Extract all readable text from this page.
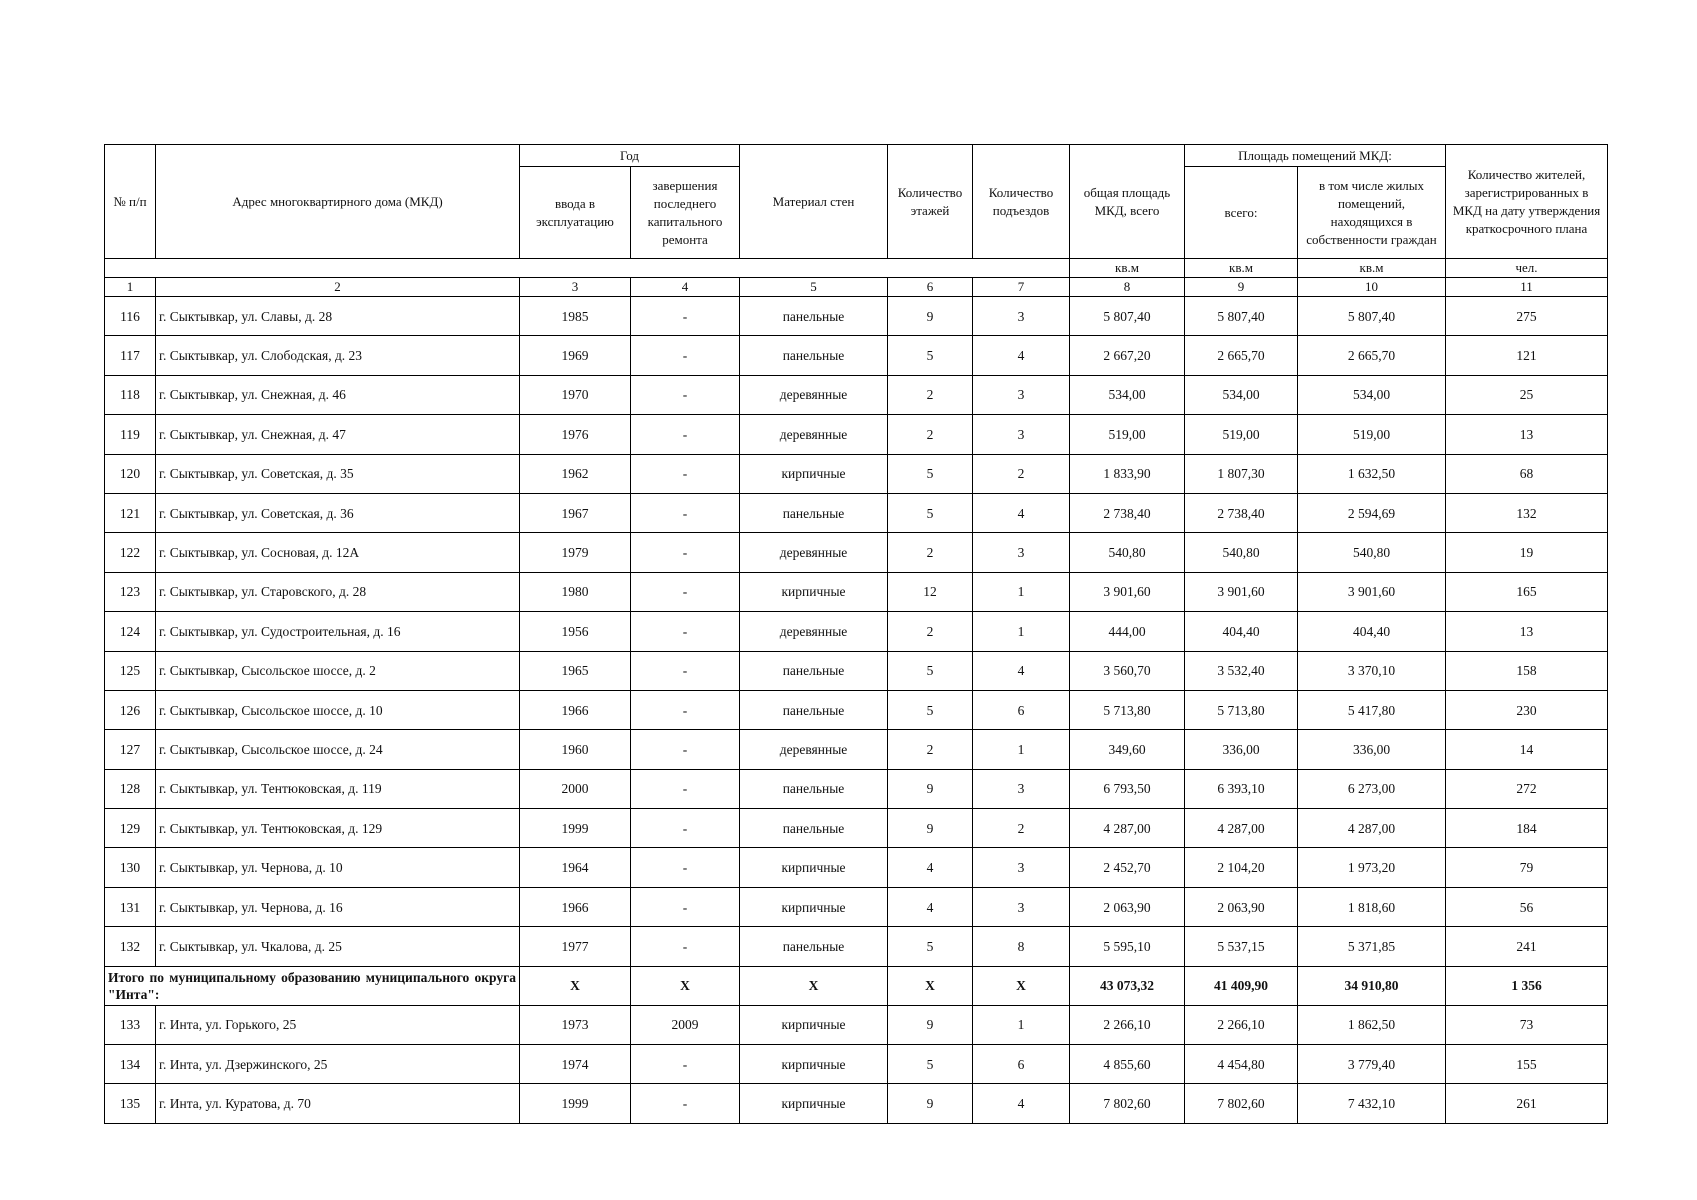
№ п/п	Адрес многоквартирного дома (МКД)	Год		Материал стен	Количество этажей	Количество подъездов	общая площадь МКД, всего	Площадь помещений МКД:		Количество жителей, зарегистрированных в МКД на дату утверждения краткосрочного плана
		ввода в эксплуатацию	завершения последнего капитального ремонта					всего:	в том числе жилых помещений, находящихся в собственности граждан	
							кв.м	кв.м	кв.м	чел.
1	2	3	4	5	6	7	8	9	10	11
116	г. Сыктывкар, ул. Славы, д. 28	1985	-	панельные	9	3	5 807,40	5 807,40	5 807,40	275
117	г. Сыктывкар, ул. Слободская, д. 23	1969	-	панельные	5	4	2 667,20	2 665,70	2 665,70	121
118	г. Сыктывкар, ул. Снежная, д. 46	1970	-	деревянные	2	3	534,00	534,00	534,00	25
119	г. Сыктывкар, ул. Снежная, д. 47	1976	-	деревянные	2	3	519,00	519,00	519,00	13
120	г. Сыктывкар, ул. Советская, д. 35	1962	-	кирпичные	5	2	1 833,90	1 807,30	1 632,50	68
121	г. Сыктывкар, ул. Советская, д. 36	1967	-	панельные	5	4	2 738,40	2 738,40	2 594,69	132
122	г. Сыктывкар, ул. Сосновая, д. 12А	1979	-	деревянные	2	3	540,80	540,80	540,80	19
123	г. Сыктывкар, ул. Старовского, д. 28	1980	-	кирпичные	12	1	3 901,60	3 901,60	3 901,60	165
124	г. Сыктывкар, ул. Судостроительная, д. 16	1956	-	деревянные	2	1	444,00	404,40	404,40	13
125	г. Сыктывкар, Сысольское шоссе, д. 2	1965	-	панельные	5	4	3 560,70	3 532,40	3 370,10	158
126	г. Сыктывкар, Сысольское шоссе, д. 10	1966	-	панельные	5	6	5 713,80	5 713,80	5 417,80	230
127	г. Сыктывкар, Сысольское шоссе, д. 24	1960	-	деревянные	2	1	349,60	336,00	336,00	14
128	г. Сыктывкар, ул. Тентюковская, д. 119	2000	-	панельные	9	3	6 793,50	6 393,10	6 273,00	272
129	г. Сыктывкар, ул. Тентюковская, д. 129	1999	-	панельные	9	2	4 287,00	4 287,00	4 287,00	184
130	г. Сыктывкар, ул. Чернова, д. 10	1964	-	кирпичные	4	3	2 452,70	2 104,20	1 973,20	79
131	г. Сыктывкар, ул. Чернова, д. 16	1966	-	кирпичные	4	3	2 063,90	2 063,90	1 818,60	56
132	г. Сыктывкар, ул. Чкалова, д. 25	1977	-	панельные	5	8	5 595,10	5 537,15	5 371,85	241
Итого по муниципальному образованию муниципального округа "Инта":		X	X	X	X	X	43 073,32	41 409,90	34 910,80	1 356
133	г. Инта, ул. Горького, 25	1973	2009	кирпичные	9	1	2 266,10	2 266,10	1 862,50	73
134	г. Инта, ул. Дзержинского, 25	1974	-	кирпичные	5	6	4 855,60	4 454,80	3 779,40	155
135	г. Инта, ул. Куратова, д. 70	1999	-	кирпичные	9	4	7 802,60	7 802,60	7 432,10	261
